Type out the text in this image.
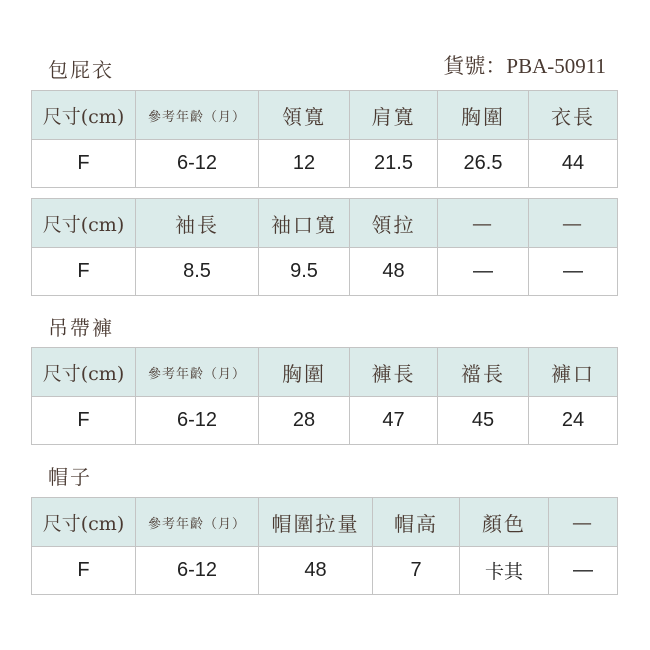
包屁衣	貨號：PBA-50911
尺寸(cm)	參考年齡（月）	領寬	肩寬	胸圍	衣長
F	6-12	12	21.5	26.5	44
尺寸(cm)	袖長	袖口寬	領拉	—	—
F	8.5	9.5	48	—	—
吊帶褲
尺寸(cm)	參考年齡（月）	胸圍	褲長	襠長	褲口
F	6-12	28	47	45	24
帽子
尺寸(cm)	參考年齡（月）	帽圍拉量	帽高	顏色	—
F	6-12	48	7	卡其	—
